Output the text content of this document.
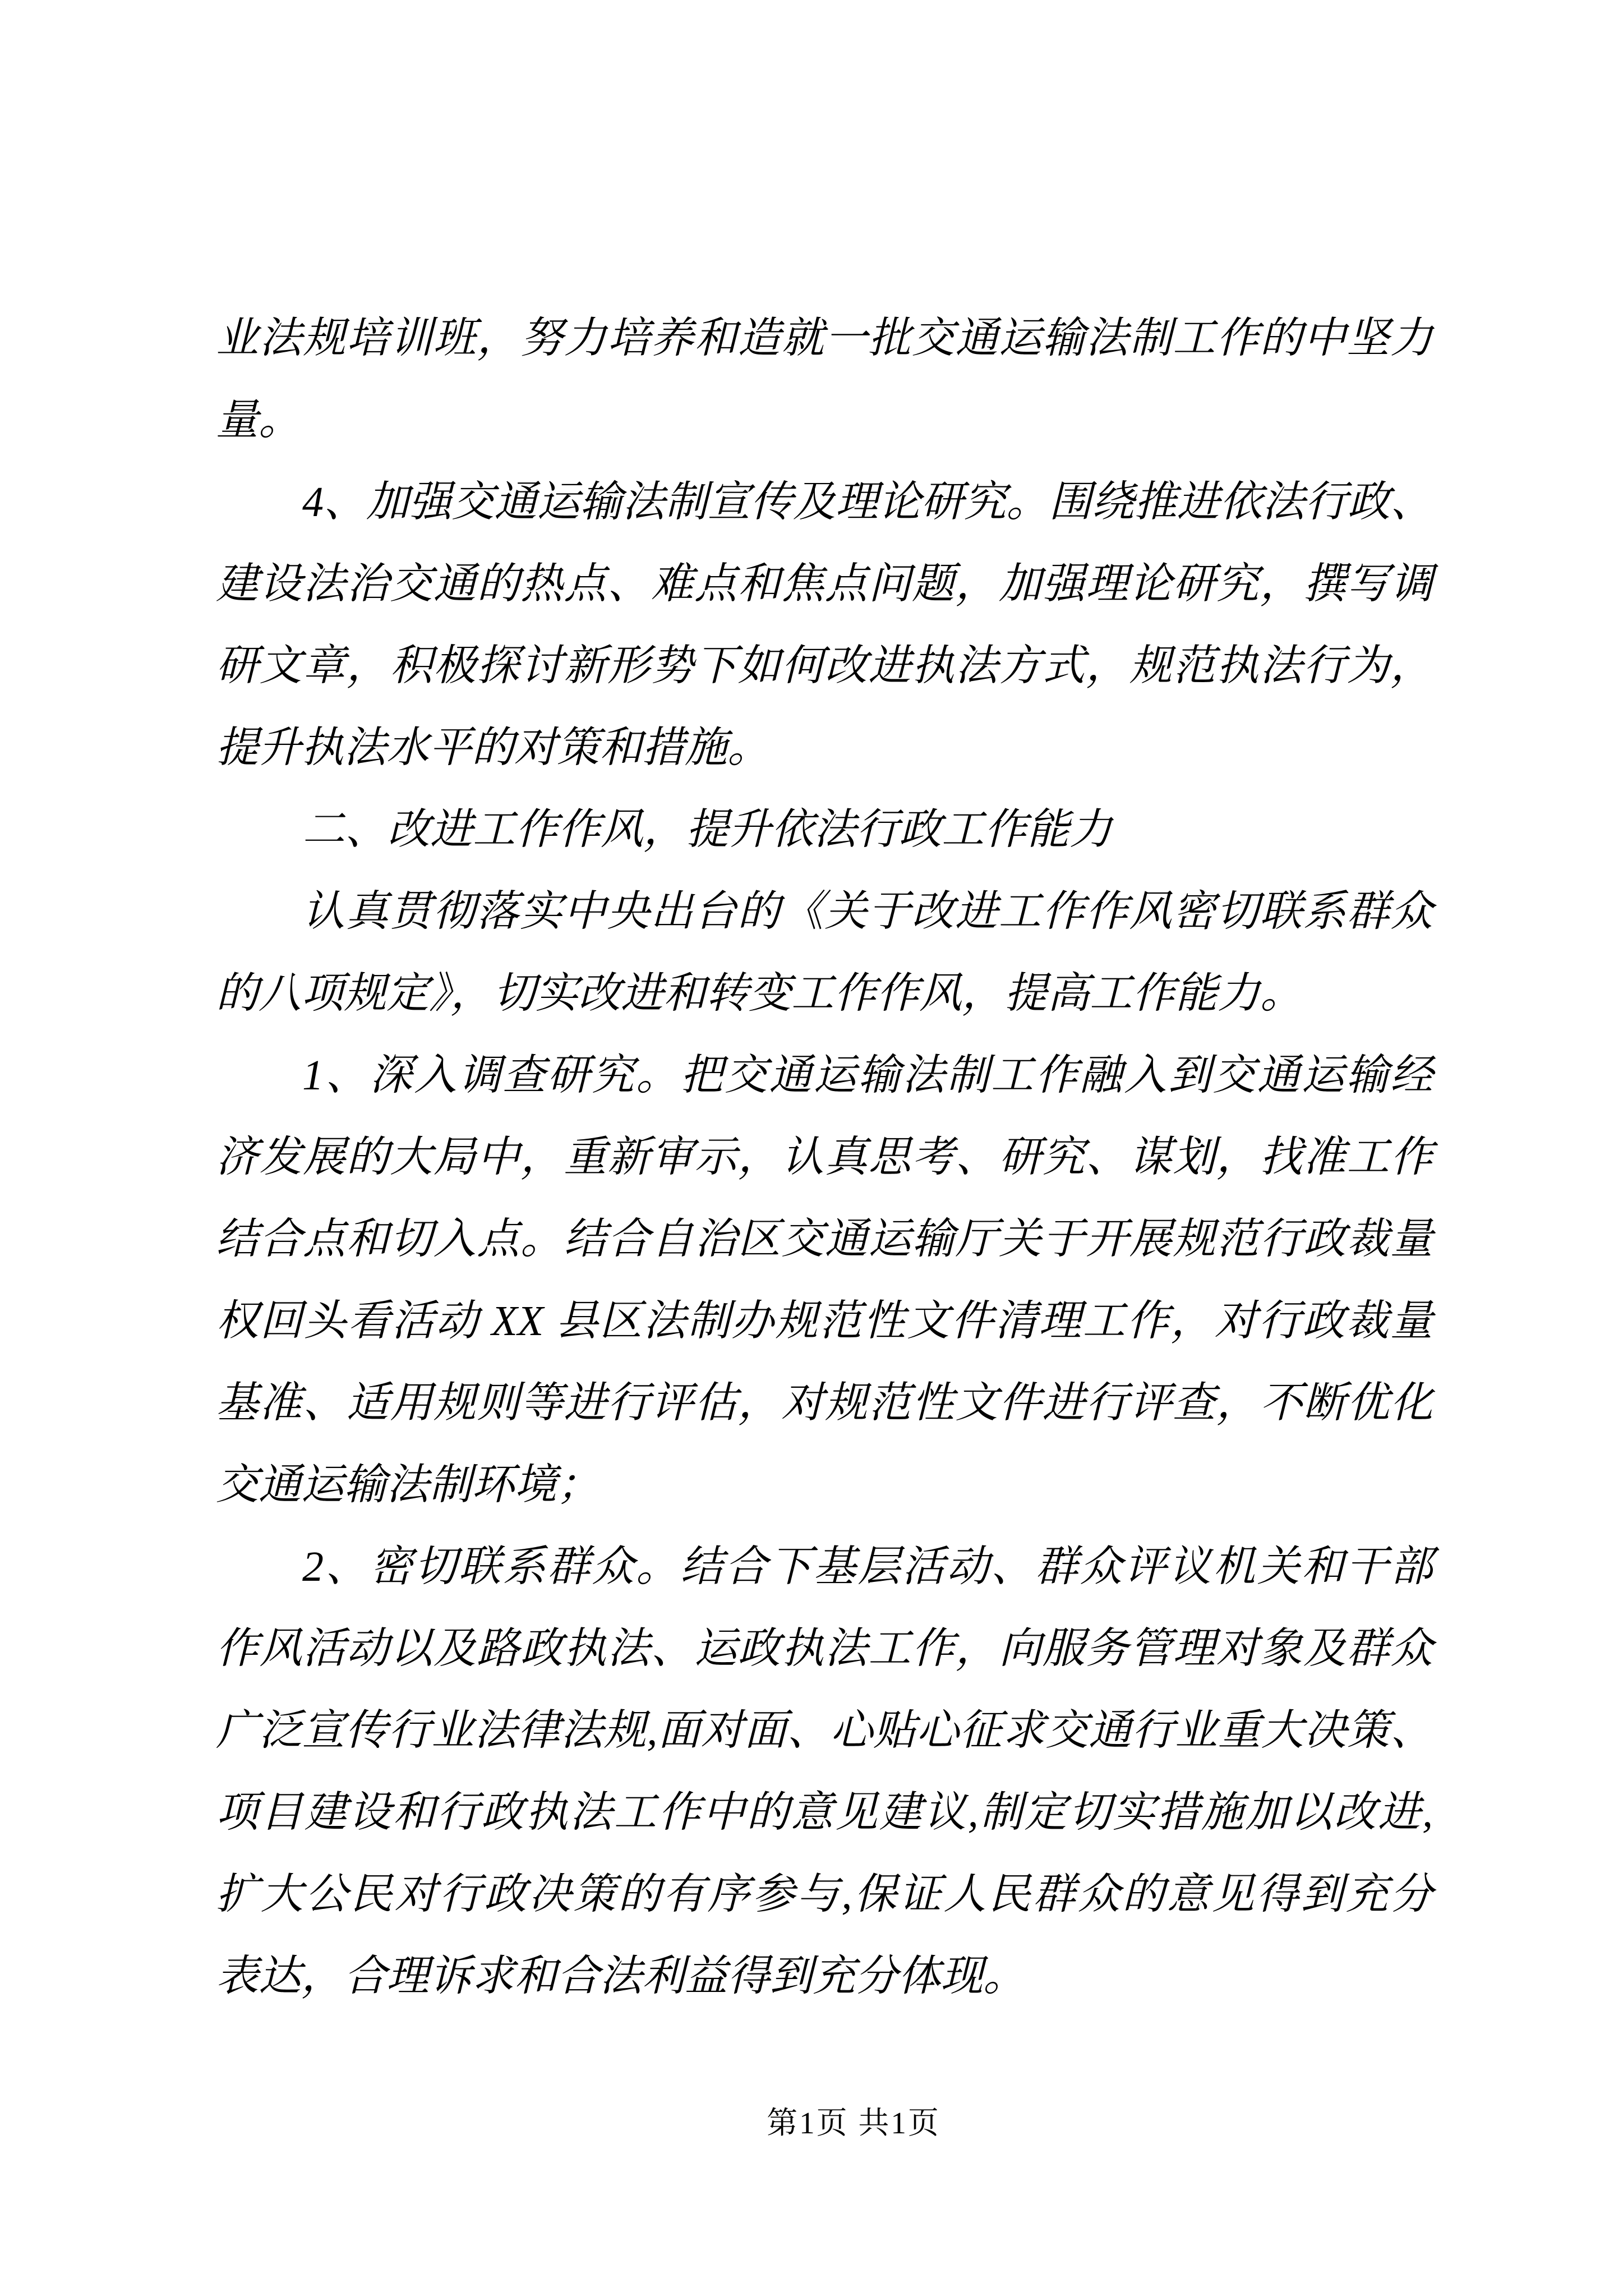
业法规培训班，努力培养和造就一批交通运输法制工作的中坚力
量。
4、加强交通运输法制宣传及理论研究。围绕推进依法行政、
建设法治交通的热点、难点和焦点问题，加强理论研究，撰写调
研文章，积极探讨新形势下如何改进执法方式，规范执法行为，
提升执法水平的对策和措施。
二、改进工作作风，提升依法行政工作能力
认真贯彻落实中央出台的《关于改进工作作风密切联系群众
的八项规定》，切实改进和转变工作作风，提高工作能力。
1、深入调查研究。把交通运输法制工作融入到交通运输经
济发展的大局中，重新审示，认真思考、研究、谋划，找准工作
结合点和切入点。结合自治区交通运输厅关于开展规范行政裁量
权回头看活动 XX 县区法制办规范性文件清理工作，对行政裁量
基准、适用规则等进行评估，对规范性文件进行评查，不断优化
交通运输法制环境；
2、密切联系群众。结合下基层活动、群众评议机关和干部
作风活动以及路政执法、运政执法工作，向服务管理对象及群众
广泛宣传行业法律法规,面对面、心贴心征求交通行业重大决策、
项目建设和行政执法工作中的意见建议,制定切实措施加以改进,
扩大公民对行政决策的有序参与,保证人民群众的意见得到充分
表达，合理诉求和合法利益得到充分体现。
第1页 共1页
